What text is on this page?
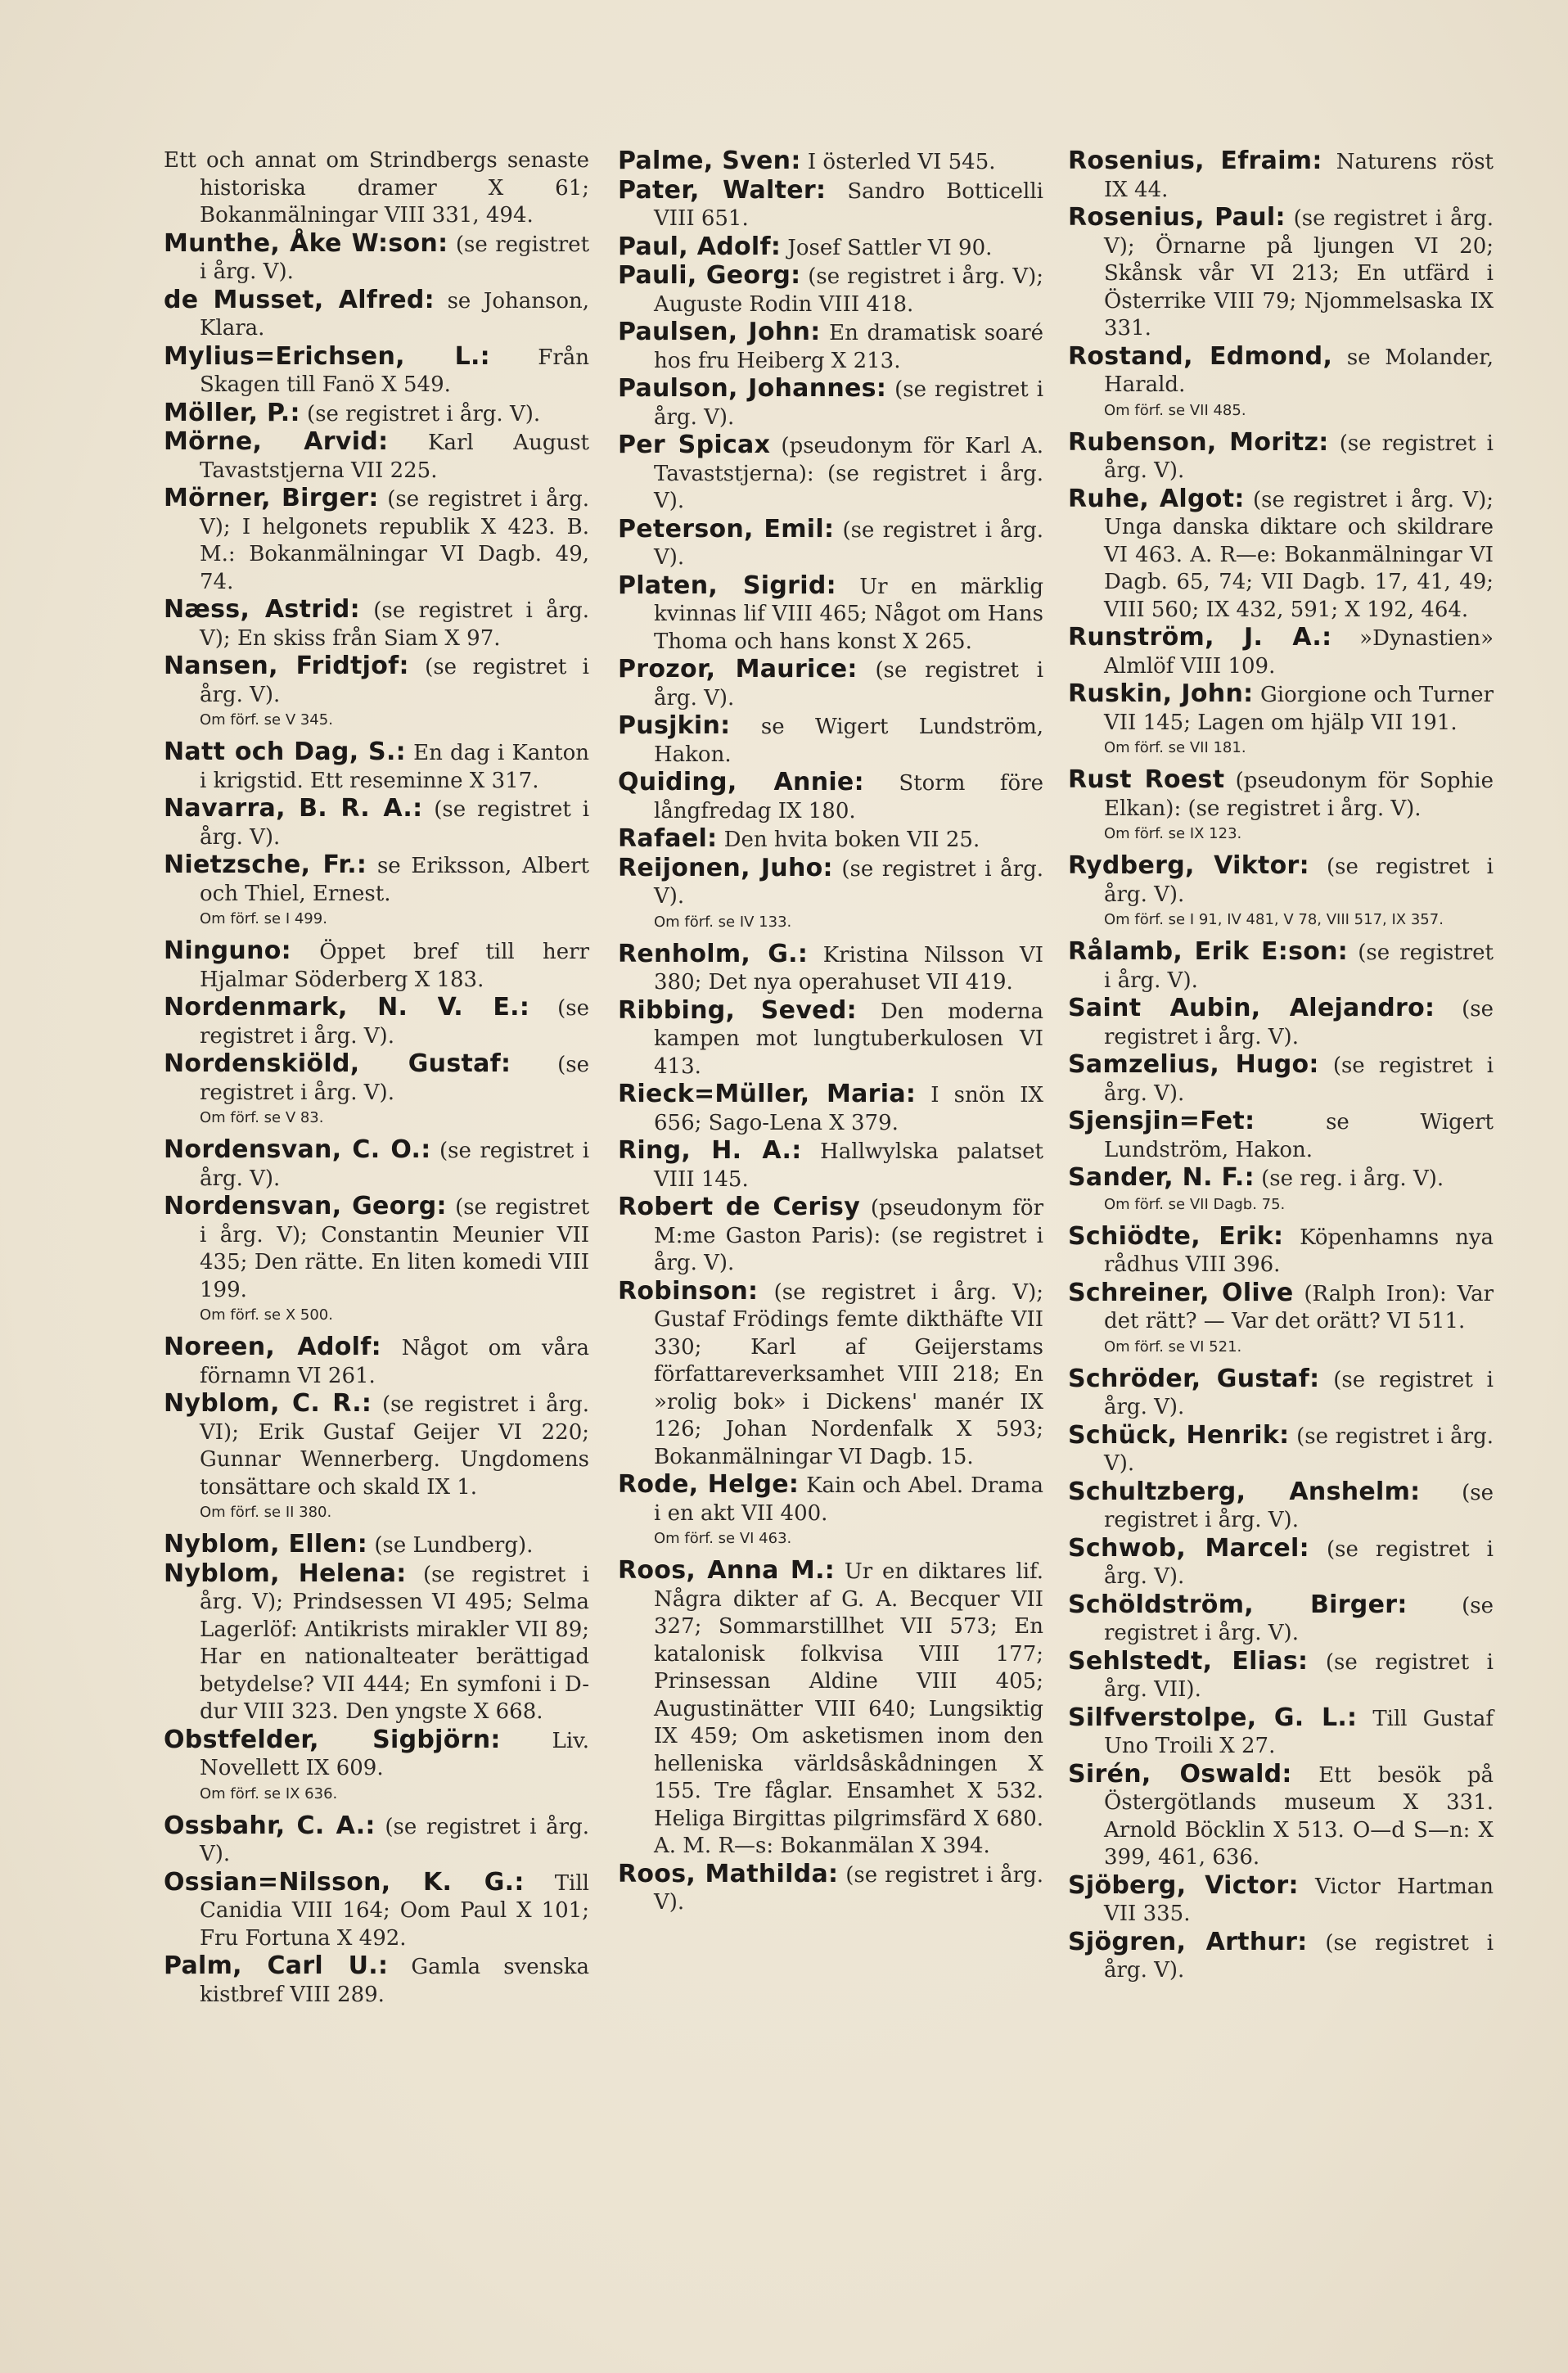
Ett och annat om Strindbergs senaste historiska dramer X 61; Bokanmälningar VIII 331, 494.

Munthe, Åke W:son: (se registret i årg. V).

de Musset, Alfred: se Johanson, Klara.

Mylius=Erichsen, L.: Från Skagen till Fanö X 549.

Möller, P.: (se registret i årg. V).

Mörne, Arvid: Karl August Tavaststjerna VII 225.

Mörner, Birger: (se registret i årg. V); I helgonets republik X 423. B. M.: Bokanmälningar VI Dagb. 49, 74.

Næss, Astrid: (se registret i årg. V); En skiss från Siam X 97.

Nansen, Fridtjof: (se registret i årg. V).

Om förf. se V 345.

Natt och Dag, S.: En dag i Kanton i krigstid. Ett reseminne X 317.

Navarra, B. R. A.: (se registret i årg. V).

Nietzsche, Fr.: se Eriksson, Albert och Thiel, Ernest.

Om förf. se I 499.

Ninguno: Öppet bref till herr Hjalmar Söderberg X 183.

Nordenmark, N. V. E.: (se registret i årg. V).

Nordenskiöld, Gustaf: (se registret i årg. V).

Om förf. se V 83.

Nordensvan, C. O.: (se registret i årg. V).

Nordensvan, Georg: (se registret i årg. V); Constantin Meunier VII 435; Den rätte. En liten komedi VIII 199.

Om förf. se X 500.

Noreen, Adolf: Något om våra förnamn VI 261.

Nyblom, C. R.: (se registret i årg. VI); Erik Gustaf Geijer VI 220; Gunnar Wennerberg. Ungdomens tonsättare och skald IX 1.

Om förf. se II 380.

Nyblom, Ellen: (se Lundberg).

Nyblom, Helena: (se registret i årg. V); Prindsessen VI 495; Selma Lagerlöf: Antikrists mirakler VII 89; Har en nationalteater berättigad betydelse? VII 444; En symfoni i D-dur VIII 323. Den yngste X 668.

Obstfelder, Sigbjörn: Liv. Novellett IX 609.

Om förf. se IX 636.

Ossbahr, C. A.: (se registret i årg. V).

Ossian=Nilsson, K. G.: Till Canidia VIII 164; Oom Paul X 101; Fru Fortuna X 492.

Palm, Carl U.: Gamla svenska kistbref VIII 289.

Palme, Sven: I österled VI 545.

Pater, Walter: Sandro Botticelli VIII 651.

Paul, Adolf: Josef Sattler VI 90.

Pauli, Georg: (se registret i årg. V); Auguste Rodin VIII 418.

Paulsen, John: En dramatisk soaré hos fru Heiberg X 213.

Paulson, Johannes: (se registret i årg. V).

Per Spicax (pseudonym för Karl A. Tavaststjerna): (se registret i årg. V).

Peterson, Emil: (se registret i årg. V).

Platen, Sigrid: Ur en märklig kvinnas lif VIII 465; Något om Hans Thoma och hans konst X 265.

Prozor, Maurice: (se registret i årg. V).

Pusjkin: se Wigert Lundström, Hakon.

Quiding, Annie: Storm före långfredag IX 180.

Rafael: Den hvita boken VII 25.

Reijonen, Juho: (se registret i årg. V).

Om förf. se IV 133.

Renholm, G.: Kristina Nilsson VI 380; Det nya operahuset VII 419.

Ribbing, Seved: Den moderna kampen mot lungtuberkulosen VI 413.

Rieck=Müller, Maria: I snön IX 656; Sago-Lena X 379.

Ring, H. A.: Hallwylska palatset VIII 145.

Robert de Cerisy (pseudonym för M:me Gaston Paris): (se registret i årg. V).

Robinson: (se registret i årg. V); Gustaf Frödings femte dikthäfte VII 330; Karl af Geijerstams författareverksamhet VIII 218; En »rolig bok» i Dickens' manér IX 126; Johan Nordenfalk X 593; Bokanmälningar VI Dagb. 15.

Rode, Helge: Kain och Abel. Drama i en akt VII 400.

Om förf. se VI 463.

Roos, Anna M.: Ur en diktares lif. Några dikter af G. A. Becquer VII 327; Sommarstillhet VII 573; En katalonisk folkvisa VIII 177; Prinsessan Aldine VIII 405; Augustinätter VIII 640; Lungsiktig IX 459; Om asketismen inom den helleniska världsåskådningen X 155. Tre fåglar. Ensamhet X 532. Heliga Birgittas pilgrimsfärd X 680. A. M. R—s: Bokanmälan X 394.

Roos, Mathilda: (se registret i årg. V).

Rosenius, Efraim: Naturens röst IX 44.

Rosenius, Paul: (se registret i årg. V); Örnarne på ljungen VI 20; Skånsk vår VI 213; En utfärd i Österrike VIII 79; Njommelsaska IX 331.

Rostand, Edmond, se Molander, Harald.

Om förf. se VII 485.

Rubenson, Moritz: (se registret i årg. V).

Ruhe, Algot: (se registret i årg. V); Unga danska diktare och skildrare VI 463. A. R—e: Bokanmälningar VI Dagb. 65, 74; VII Dagb. 17, 41, 49; VIII 560; IX 432, 591; X 192, 464.

Runström, J. A.: »Dynastien» Almlöf VIII 109.

Ruskin, John: Giorgione och Turner VII 145; Lagen om hjälp VII 191.

Om förf. se VII 181.

Rust Roest (pseudonym för Sophie Elkan): (se registret i årg. V).

Om förf. se IX 123.

Rydberg, Viktor: (se registret i årg. V).

Om förf. se I 91, IV 481, V 78, VIII 517, IX 357.

Rålamb, Erik E:son: (se registret i årg. V).

Saint Aubin, Alejandro: (se registret i årg. V).

Samzelius, Hugo: (se registret i årg. V).

Sjensjin=Fet:	se Wigert Lundström, Hakon.

Sander, N. F.: (se reg. i årg. V).

Om förf. se VII Dagb. 75.

Schiödte, Erik: Köpenhamns nya rådhus VIII 396.

Schreiner, Olive (Ralph Iron): Var det rätt? — Var det orätt? VI 511.

Om förf. se VI 521.

Schröder, Gustaf: (se registret i årg. V).

Schück, Henrik: (se registret i årg. V).

Schultzberg, Anshelm: (se registret i årg. V).

Schwob, Marcel: (se registret i årg. V).

Schöldström, Birger:	(se registret i årg. V).

Sehlstedt, Elias: (se registret i årg. VII).

Silfverstolpe, G. L.: Till Gustaf Uno Troili X 27.

Sirén, Oswald: Ett besök på Östergötlands museum X 331. Arnold Böcklin X 513. O—d S—n: X 399, 461, 636.

Sjöberg, Victor: Victor Hartman VII 335.

Sjögren, Arthur: (se registret i årg. V).
